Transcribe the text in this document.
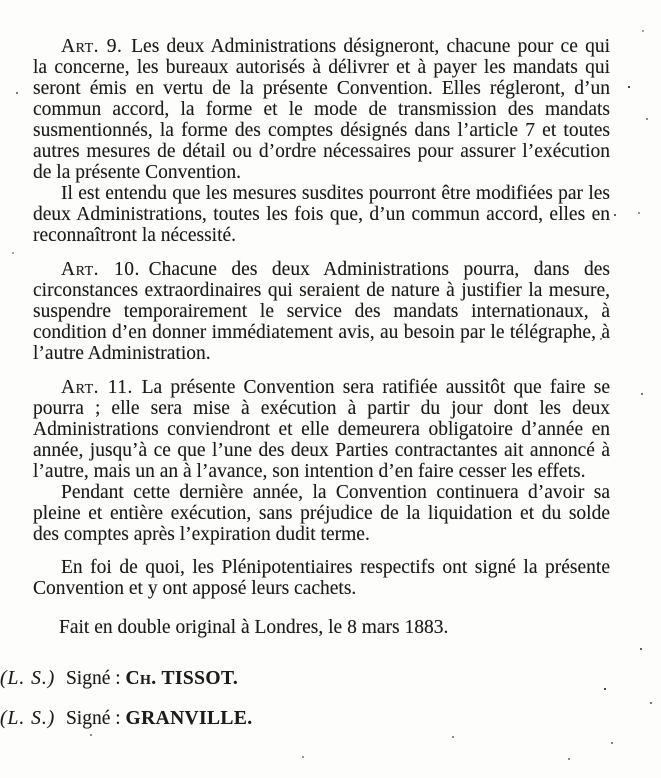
Art. 9. Les deux Administrations désigneront, chacune pour ce qui la concerne, les bureaux autorisés à délivrer et à payer les mandats qui seront émis en vertu de la présente Convention. Elles régleront, d’un commun accord, la forme et le mode de transmission des mandats susmentionnés, la forme des comptes désignés dans l’article 7 et toutes autres mesures de détail ou d’ordre nécessaires pour assurer l’exécution de la présente Convention.

Il est entendu que les mesures susdites pourront être modifiées par les deux Administrations, toutes les fois que, d’un commun accord, elles en reconnaîtront la nécessité.

Art. 10. Chacune des deux Administrations pourra, dans des circonstances extraordinaires qui seraient de nature à justifier la mesure, suspendre temporairement le service des mandats internationaux, à condition d’en donner immédiatement avis, au besoin par le télégraphe, à l’autre Administration.

Art. 11. La présente Convention sera ratifiée aussitôt que faire se pourra ; elle sera mise à exécution à partir du jour dont les deux Administrations conviendront et elle demeurera obligatoire d’année en année, jusqu’à ce que l’une des deux Parties contractantes ait annoncé à l’autre, mais un an à l’avance, son intention d’en faire cesser les effets.

Pendant cette dernière année, la Convention continuera d’avoir sa pleine et entière exécution, sans préjudice de la liquidation et du solde des comptes après l’expiration dudit terme.

En foi de quoi, les Plénipotentiaires respectifs ont signé la présente Convention et y ont apposé leurs cachets.

Fait en double original à Londres, le 8 mars 1883.

(L. S.) Signé : Ch. TISSOT.
(L. S.) Signé : GRANVILLE.
